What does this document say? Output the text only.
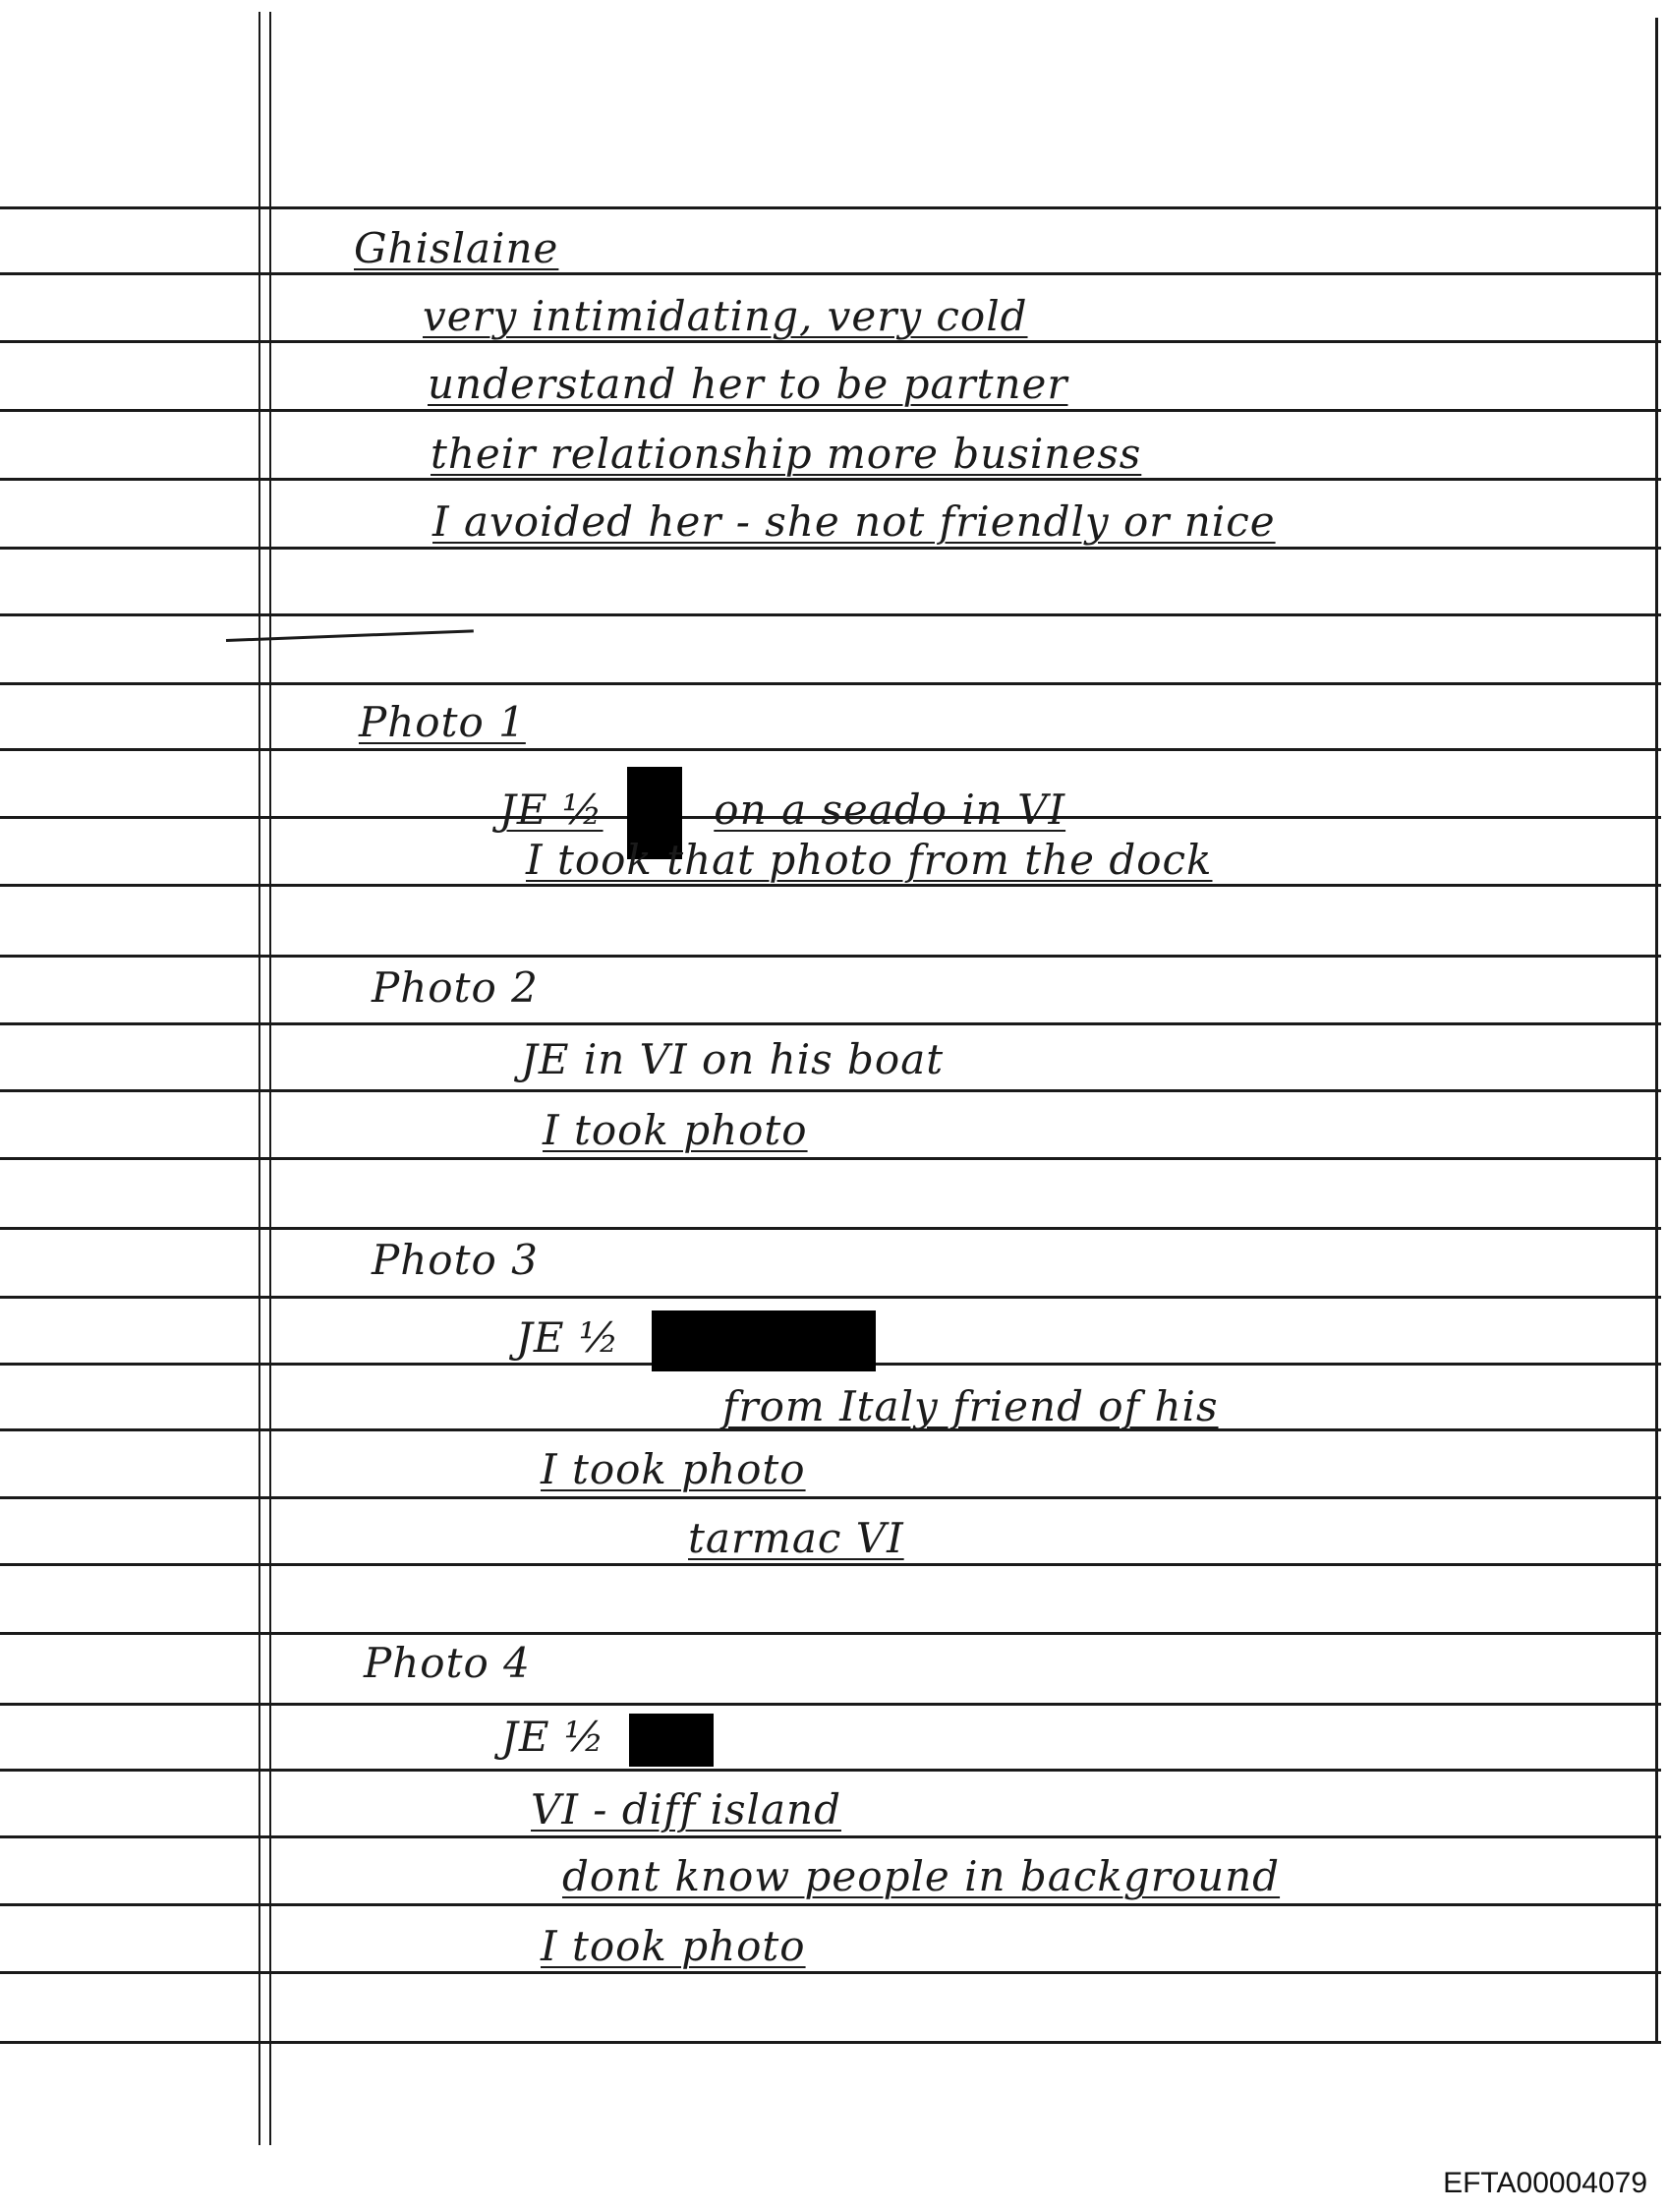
Ghislaine
very intimidating, very cold
understand her to be partner
their relationship more business
I avoided her - she not friendly or nice
Photo 1
JE ½	on a seado in VI
I took that photo from the dock
Photo 2
JE in VI on his boat
I took photo
Photo 3
JE ½
from Italy friend of his
I took photo
tarmac VI
Photo 4
JE ½
VI - diff island
dont know people in background
I took photo
EFTA00004079
